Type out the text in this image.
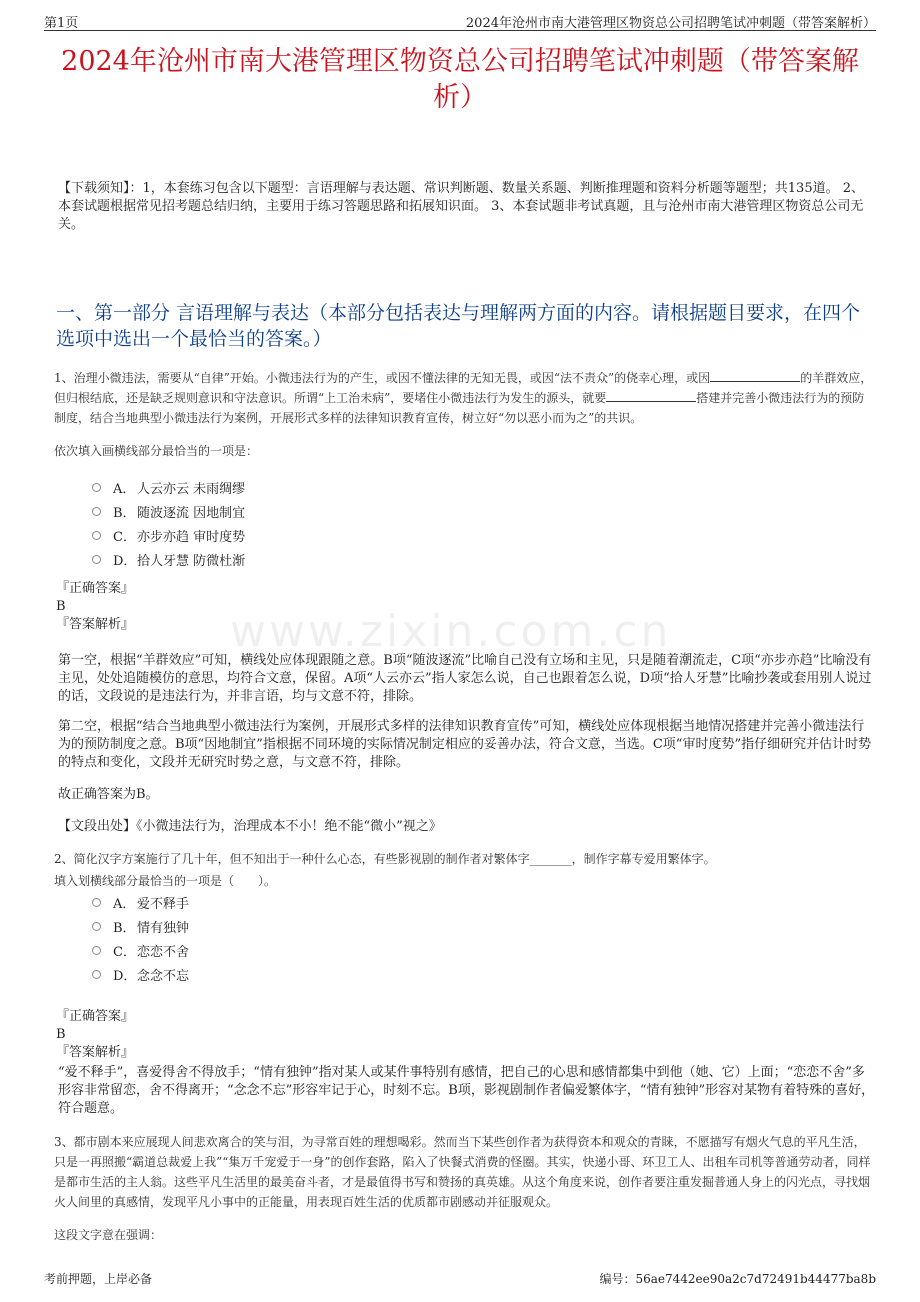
第1页	2024年沧州市南大港管理区物资总公司招聘笔试冲刺题（带答案解析）
2024年沧州市南大港管理区物资总公司招聘笔试冲刺题（带答案解析）
【下载须知】：1，本套练习包含以下题型：言语理解与表达题、常识判断题、数量关系题、判断推理题和资料分析题等题型；共135道。 2、本套试题根据常见招考题总结归纳，主要用于练习答题思路和拓展知识面。 3、本套试题非考试真题，且与沧州市南大港管理区物资总公司无关。
一、第一部分 言语理解与表达（本部分包括表达与理解两方面的内容。请根据题目要求，在四个选项中选出一个最恰当的答案。）
www.zixin.com.cn
1、治理小微违法，需要从“自律”开始。小微违法行为的产生，或因不懂法律的无知无畏，或因“法不责众”的侥幸心理，或因	的羊群效应，但归根结底，还是缺乏规则意识和守法意识。所谓“上工治未病”，要堵住小微违法行为发生的源头，就要	搭建并完善小微违法行为的预防制度，结合当地典型小微违法行为案例，开展形式多样的法律知识教育宣传，树立好“勿以恶小而为之”的共识。
依次填入画横线部分最恰当的一项是：
A． 人云亦云 未雨绸缪
B． 随波逐流 因地制宜
C． 亦步亦趋 审时度势
D． 拾人牙慧 防微杜渐
『正确答案』
B
『答案解析』
第一空，根据“羊群效应”可知，横线处应体现跟随之意。B项“随波逐流”比喻自己没有立场和主见，只是随着潮流走，C项“亦步亦趋”比喻没有主见，处处追随模仿的意思，均符合文意，保留。A项“人云亦云”指人家怎么说，自己也跟着怎么说，D项“拾人牙慧”比喻抄袭或套用别人说过的话，文段说的是违法行为，并非言语，均与文意不符，排除。
第二空，根据“结合当地典型小微违法行为案例，开展形式多样的法律知识教育宣传”可知，横线处应体现根据当地情况搭建并完善小微违法行为的预防制度之意。B项“因地制宜”指根据不同环境的实际情况制定相应的妥善办法，符合文意，当选。C项“审时度势”指仔细研究并估计时势的特点和变化，文段并无研究时势之意，与文意不符，排除。
故正确答案为B。
【文段出处】《小微违法行为，治理成本不小！绝不能“微小”视之》
2、简化汉字方案施行了几十年，但不知出于一种什么心态，有些影视剧的制作者对繁体字_______，制作字幕专爱用繁体字。
填入划横线部分最恰当的一项是（　　）。
A． 爱不释手
B． 情有独钟
C． 恋恋不舍
D． 念念不忘
『正确答案』
B
『答案解析』
“爱不释手”，喜爱得舍不得放手；“情有独钟”指对某人或某件事特别有感情，把自己的心思和感情都集中到他（她、它）上面；“恋恋不舍”多形容非常留恋，舍不得离开；“念念不忘”形容牢记于心，时刻不忘。B项，影视剧制作者偏爱繁体字，“情有独钟”形容对某物有着特殊的喜好，符合题意。
3、都市剧本来应展现人间悲欢离合的笑与泪，为寻常百姓的理想喝彩。然而当下某些创作者为获得资本和观众的青睐，不愿描写有烟火气息的平凡生活，只是一再照搬“霸道总裁爱上我”“集万千宠爱于一身”的创作套路，陷入了快餐式消费的怪圈。其实，快递小哥、环卫工人、出租车司机等普通劳动者，同样是都市生活的主人翁。这些平凡生活里的最美奋斗者，才是最值得书写和赞扬的真英雄。从这个角度来说，创作者要注重发掘普通人身上的闪光点，寻找烟火人间里的真感情，发现平凡小事中的正能量，用表现百姓生活的优质都市剧感动并征服观众。
这段文字意在强调：
考前押题，上岸必备	编号：56ae7442ee90a2c7d72491b44477ba8b
